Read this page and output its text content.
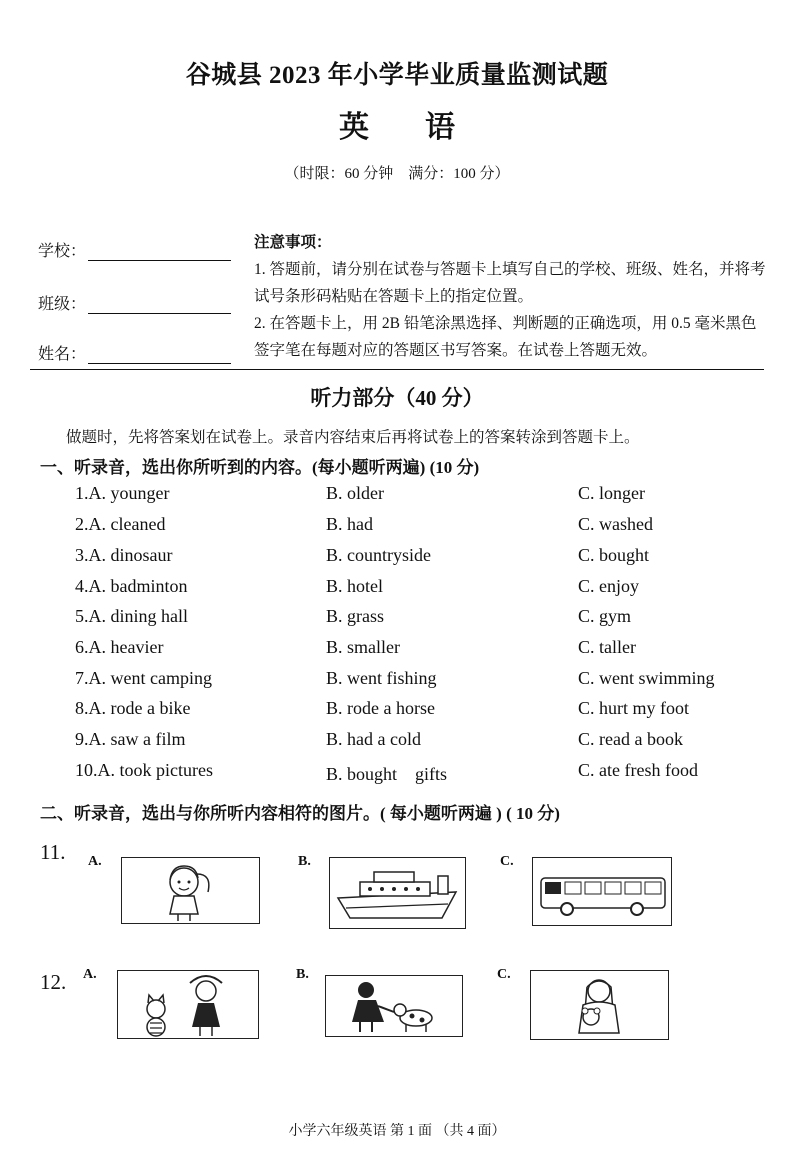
谷城县 2023 年小学毕业质量监测试题
英语
（时限：60 分钟　满分：100 分）
学校：
班级：
姓名：
注意事项：
1. 答题前，请分别在试卷与答题卡上填写自己的学校、班级、姓名，并将考试号条形码粘贴在答题卡上的指定位置。
2. 在答题卡上，用 2B 铅笔涂黑选择、判断题的正确选项，用 0.5 毫米黑色签字笔在每题对应的答题区书写答案。在试卷上答题无效。
听力部分（40 分）
做题时，先将答案划在试卷上。录音内容结束后再将试卷上的答案转涂到答题卡上。
一、听录音，选出你所听到的内容。(每小题听两遍) (10 分)
1.A. younger	B. older	C. longer
2.A. cleaned	B. had	C. washed
3.A. dinosaur	B. countryside	C. bought
4.A. badminton	B. hotel	C. enjoy
5.A. dining hall	B. grass	C. gym
6.A. heavier	B. smaller	C. taller
7.A. went camping	B. went fishing	C. went swimming
8.A. rode a bike	B. rode a horse	C. hurt my foot
9.A. saw a film	B. had a cold	C. read a book
10.A. took pictures	B. bought　gifts	C. ate fresh food
二、听录音，选出与你所听内容相符的图片。( 每小题听两遍 ) ( 10 分)
11. A.	B.	C.
12. A.	B.	C.
小学六年级英语 第 1 面 （共 4 面）
